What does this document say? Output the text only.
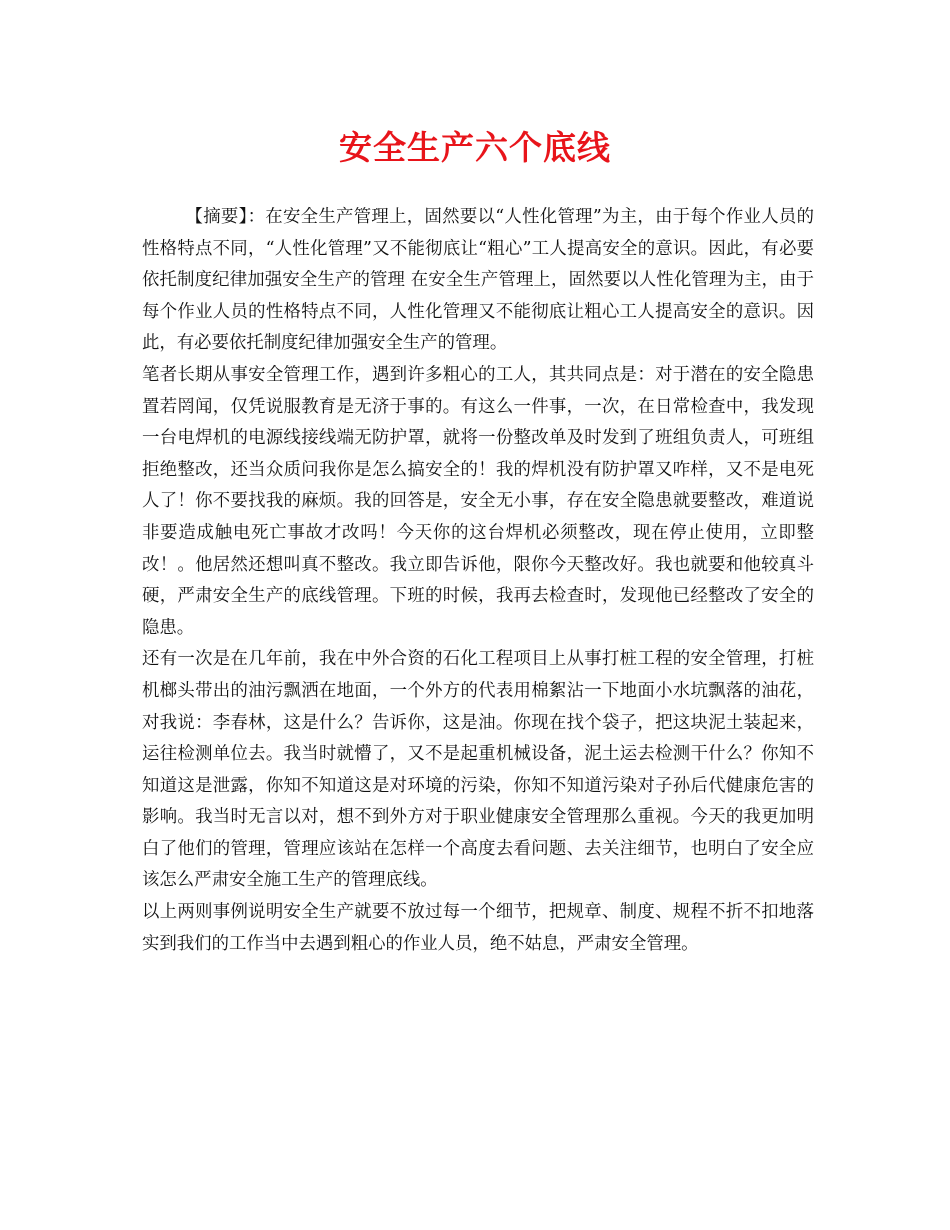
安全生产六个底线

【摘要】：在安全生产管理上，固然要以“人性化管理”为主，由于每个作业人员的性格特点不同，“人性化管理”又不能彻底让“粗心”工人提高安全的意识。因此，有必要依托制度纪律加强安全生产的管理 在安全生产管理上，固然要以人性化管理为主，由于每个作业人员的性格特点不同，人性化管理又不能彻底让粗心工人提高安全的意识。因此，有必要依托制度纪律加强安全生产的管理。

笔者长期从事安全管理工作，遇到许多粗心的工人，其共同点是：对于潜在的安全隐患置若罔闻，仅凭说服教育是无济于事的。有这么一件事，一次，在日常检查中，我发现一台电焊机的电源线接线端无防护罩，就将一份整改单及时发到了班组负责人，可班组拒绝整改，还当众质问我你是怎么搞安全的！我的焊机没有防护罩又咋样，又不是电死人了！你不要找我的麻烦。我的回答是，安全无小事，存在安全隐患就要整改，难道说非要造成触电死亡事故才改吗！今天你的这台焊机必须整改，现在停止使用，立即整改！。他居然还想叫真不整改。我立即告诉他，限你今天整改好。我也就要和他较真斗硬，严肃安全生产的底线管理。下班的时候，我再去检查时，发现他已经整改了安全的隐患。

还有一次是在几年前，我在中外合资的石化工程项目上从事打桩工程的安全管理，打桩机榔头带出的油污飘洒在地面，一个外方的代表用棉絮沾一下地面小水坑飘落的油花，对我说：李春林，这是什么？告诉你，这是油。你现在找个袋子，把这块泥土装起来，运往检测单位去。我当时就懵了，又不是起重机械设备，泥土运去检测干什么？你知不知道这是泄露，你知不知道这是对环境的污染，你知不知道污染对子孙后代健康危害的影响。我当时无言以对，想不到外方对于职业健康安全管理那么重视。今天的我更加明白了他们的管理，管理应该站在怎样一个高度去看问题、去关注细节，也明白了安全应该怎么严肃安全施工生产的管理底线。

以上两则事例说明安全生产就要不放过每一个细节，把规章、制度、规程不折不扣地落实到我们的工作当中去遇到粗心的作业人员，绝不姑息，严肃安全管理。
